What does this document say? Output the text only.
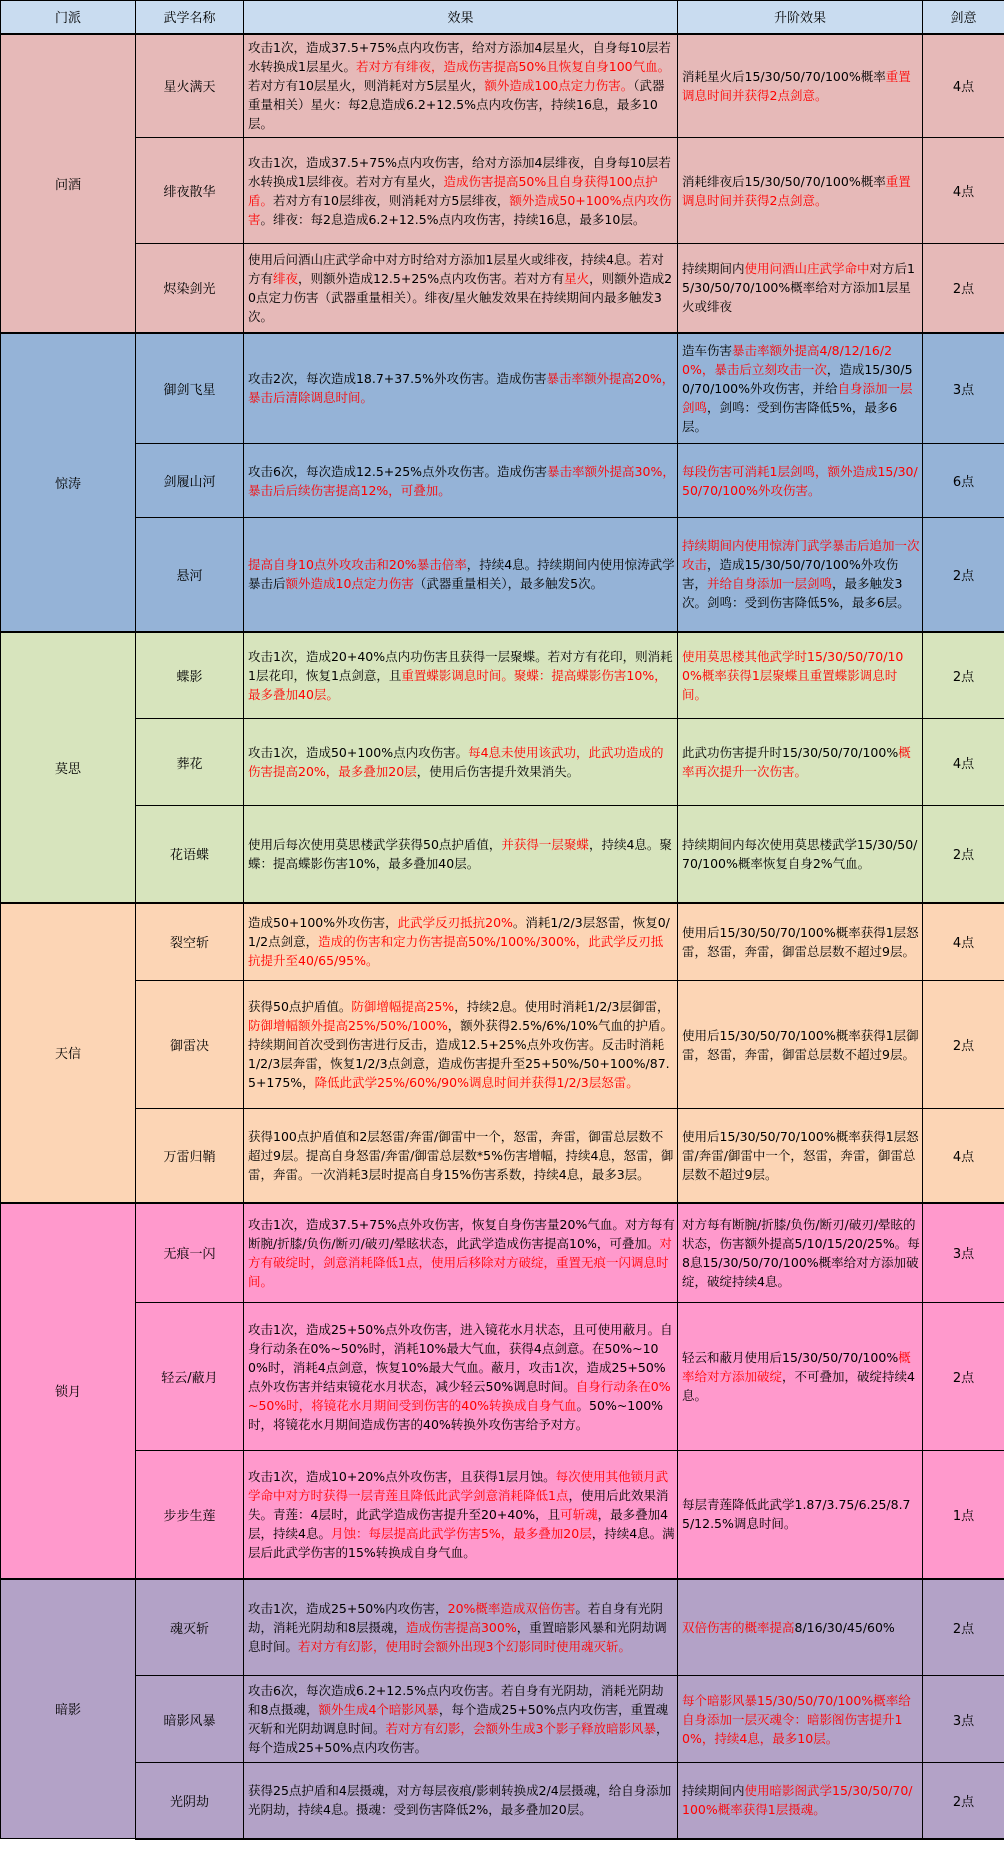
门派	武学名称	效果	升阶效果	剑意
问酒	星火满天	攻击1次，造成37.5+75%点内攻伤害，给对方添加4层星火，自身每10层若水转换成1层星火。若对方有绯夜，造成伤害提高50%且恢复自身100气血。若对方有10层星火，则消耗对方5层星火，额外造成100点定力伤害。（武器重量相关）星火：每2息造成6.2+12.5%点内攻伤害，持续16息，最多10层。	消耗星火后15/30/50/70/100%概率重置调息时间并获得2点剑意。	4点
	绯夜散华	攻击1次，造成37.5+75%点内攻伤害，给对方添加4层绯夜，自身每10层若水转换成1层绯夜。若对方有星火，造成伤害提高50%且自身获得100点护盾。若对方有10层绯夜，则消耗对方5层绯夜，额外造成50+100%点内攻伤害。绯夜：每2息造成6.2+12.5%点内攻伤害，持续16息，最多10层。	消耗绯夜后15/30/50/70/100%概率重置调息时间并获得2点剑意。	4点
	烬染剑光	使用后问酒山庄武学命中对方时给对方添加1层星火或绯夜，持续4息。若对方有绯夜，则额外造成12.5+25%点内攻伤害。若对方有星火，则额外造成20点定力伤害（武器重量相关）。绯夜/星火触发效果在持续期间内最多触发3次。	持续期间内使用问酒山庄武学命中对方后15/30/50/70/100%概率给对方添加1层星火或绯夜	2点
惊涛	御剑飞星	攻击2次，每次造成18.7+37.5%外攻伤害。造成伤害暴击率额外提高20%，暴击后清除调息时间。	造车伤害暴击率额外提高4/8/12/16/20%，暴击后立刻攻击一次，造成15/30/50/70/100%外攻伤害，并给自身添加一层剑鸣，剑鸣：受到伤害降低5%，最多6层。	3点
	剑履山河	攻击6次，每次造成12.5+25%点外攻伤害。造成伤害暴击率额外提高30%，暴击后后续伤害提高12%，可叠加。	每段伤害可消耗1层剑鸣，额外造成15/30/50/70/100%外攻伤害。	6点
	悬河	提高自身10点外攻攻击和20%暴击倍率，持续4息。持续期间内使用惊涛武学暴击后额外造成10点定力伤害（武器重量相关），最多触发5次。	持续期间内使用惊涛门武学暴击后追加一次攻击，造成15/30/50/70/100%外攻伤害，并给自身添加一层剑鸣，最多触发3次。剑鸣：受到伤害降低5%，最多6层。	2点
莫思	蝶影	攻击1次，造成20+40%点内功伤害且获得一层聚蝶。若对方有花印，则消耗1层花印，恢复1点剑意，且重置蝶影调息时间。聚蝶：提高蝶影伤害10%，最多叠加40层。	使用莫思楼其他武学时15/30/50/70/100%概率获得1层聚蝶且重置蝶影调息时间。	2点
	葬花	攻击1次，造成50+100%点内攻伤害。每4息未使用该武功，此武功造成的伤害提高20%，最多叠加20层，使用后伤害提升效果消失。	此武功伤害提升时15/30/50/70/100%概率再次提升一次伤害。	4点
	花语蝶	使用后每次使用莫思楼武学获得50点护盾值，并获得一层聚蝶，持续4息。聚蝶：提高蝶影伤害10%，最多叠加40层。	持续期间内每次使用莫思楼武学15/30/50/70/100%概率恢复自身2%气血。	2点
天信	裂空斩	造成50+100%外攻伤害，此武学反刃抵抗20%。消耗1/2/3层怒雷，恢复0/1/2点剑意，造成的伤害和定力伤害提高50%/100%/300%，此武学反刃抵抗提升至40/65/95%。	使用后15/30/50/70/100%概率获得1层怒雷，怒雷，奔雷，御雷总层数不超过9层。	4点
	御雷决	获得50点护盾值。防御增幅提高25%，持续2息。使用时消耗1/2/3层御雷，防御增幅额外提高25%/50%/100%，额外获得2.5%/6%/10%气血的护盾。持续期间首次受到伤害进行反击，造成12.5+25%点外攻伤害。反击时消耗1/2/3层奔雷，恢复1/2/3点剑意，造成伤害提升至25+50%/50+100%/87.5+175%，降低此武学25%/60%/90%调息时间并获得1/2/3层怒雷。	使用后15/30/50/70/100%概率获得1层御雷，怒雷，奔雷，御雷总层数不超过9层。	2点
	万雷归鞘	获得100点护盾值和2层怒雷/奔雷/御雷中一个，怒雷，奔雷，御雷总层数不超过9层。提高自身怒雷/奔雷/御雷总层数*5%伤害增幅，持续4息，怒雷，御雷，奔雷。一次消耗3层时提高自身15%伤害系数，持续4息，最多3层。	使用后15/30/50/70/100%概率获得1层怒雷/奔雷/御雷中一个，怒雷，奔雷，御雷总层数不超过9层。	4点
锁月	无痕一闪	攻击1次，造成37.5+75%点外攻伤害，恢复自身伤害量20%气血。对方每有断腕/折膝/负伤/断刃/破刃/晕眩状态，此武学造成伤害提高10%，可叠加。对方有破绽时，剑意消耗降低1点，使用后移除对方破绽，重置无痕一闪调息时间。	对方每有断腕/折膝/负伤/断刃/破刃/晕眩的状态，伤害额外提高5/10/15/20/25%。每8息15/30/50/70/100%概率给对方添加破绽，破绽持续4息。	3点
	轻云/蔽月	攻击1次，造成25+50%点外攻伤害，进入镜花水月状态，且可使用蔽月。自身行动条在0%~50%时，消耗10%最大气血，获得4点剑意。在50%~100%时，消耗4点剑意，恢复10%最大气血。蔽月，攻击1次，造成25+50%点外攻伤害并结束镜花水月状态，减少轻云50%调息时间。自身行动条在0%~50%时，将镜花水月期间受到伤害的40%转换成自身气血。50%~100%时，将镜花水月期间造成伤害的40%转换外攻伤害给予对方。	轻云和蔽月使用后15/30/50/70/100%概率给对方添加破绽，不可叠加，破绽持续4息。	2点
	步步生莲	攻击1次，造成10+20%点外攻伤害，且获得1层月蚀。每次使用其他锁月武学命中对方时获得一层青莲且降低此武学剑意消耗降低1点，使用后此效果消失。青莲：4层时，此武学造成伤害提升至20+40%，且可斩魂，最多叠加4层，持续4息。月蚀：每层提高此武学伤害5%，最多叠加20层，持续4息。满层后此武学伤害的15%转换成自身气血。	每层青莲降低此武学1.87/3.75/6.25/8.75/12.5%调息时间。	1点
暗影	魂灭斩	攻击1次，造成25+50%内攻伤害，20%概率造成双倍伤害。若自身有光阴劫，消耗光阴劫和8层摄魂，造成伤害提高300%，重置暗影风暴和光阴劫调息时间。若对方有幻影，使用时会额外出现3个幻影同时使用魂灭斩。	双倍伤害的概率提高8/16/30/45/60%	2点
	暗影风暴	攻击6次，每次造成6.2+12.5%点内攻伤害。若自身有光阴劫，消耗光阴劫和8点摄魂，额外生成4个暗影风暴，每个造成25+50%点内攻伤害，重置魂灭斩和光阴劫调息时间。若对方有幻影，会额外生成3个影子释放暗影风暴，每个造成25+50%点内攻伤害。	每个暗影风暴15/30/50/70/100%概率给自身添加一层灭魂令：暗影阁伤害提升10%，持续4息，最多10层。	3点
	光阴劫	获得25点护盾和4层摄魂，对方每层夜痕/影刺转换成2/4层摄魂，给自身添加光阴劫，持续4息。摄魂：受到伤害降低2%，最多叠加20层。	持续期间内使用暗影阁武学15/30/50/70/100%概率获得1层摄魂。	2点
